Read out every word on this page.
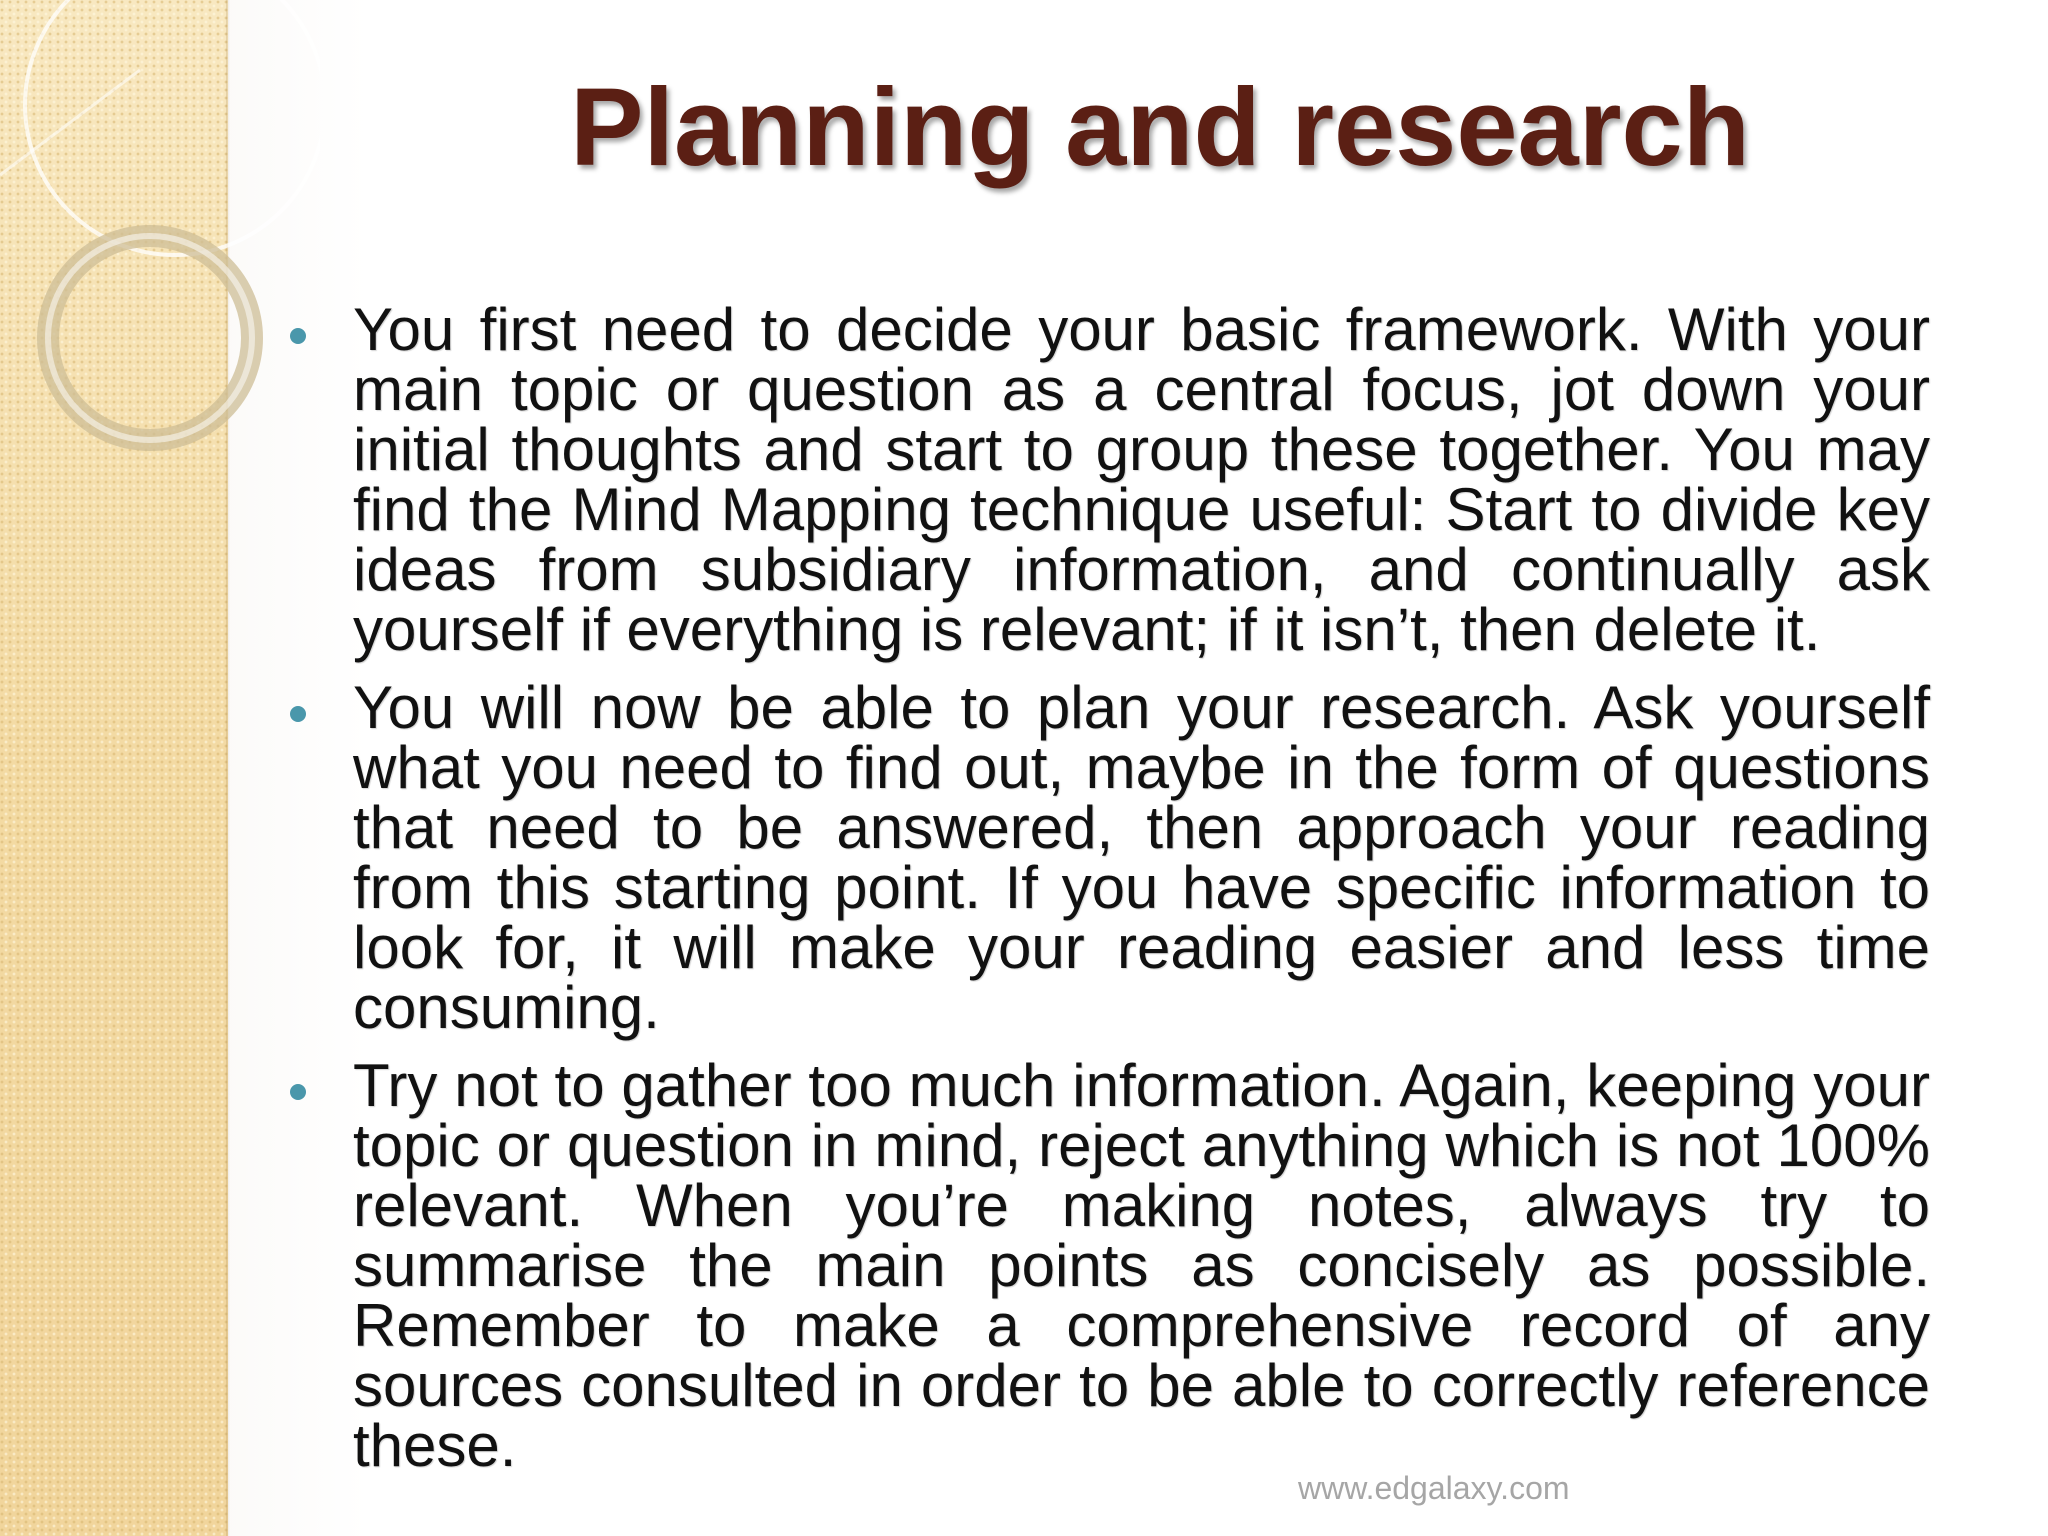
Planning and research
You first need to decide your basic framework. With your main topic or question as a central focus, jot down your initial thoughts and start to group these together. You may find the Mind Mapping technique useful: Start to divide key ideas from subsidiary information, and continually ask yourself if everything is relevant; if it isn’t, then delete it.
You will now be able to plan your research. Ask yourself what you need to find out, maybe in the form of questions that need to be answered, then approach your reading from this starting point. If you have specific information to look for, it will make your reading easier and less time consuming.
Try not to gather too much information. Again, keeping your topic or question in mind, reject anything which is not 100% relevant. When you’re making notes, always try to summarise the main points as concisely as possible. Remember to make a comprehensive record of any sources consulted in order to be able to correctly reference these.
www.edgalaxy.com
